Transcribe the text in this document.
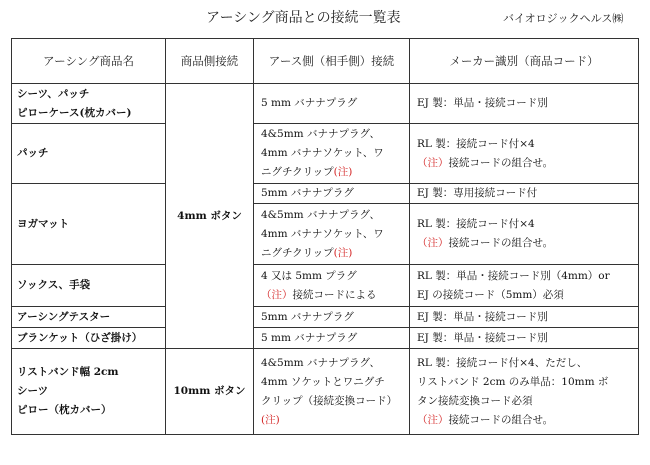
アーシング商品との接続一覧表	バイオロジックヘルス㈱
アーシング商品名	商品側接続	アース側（相手側）接続	メーカー識別（商品コード）

シーツ、パッチ
ピローケース(枕カバー)	4mm ボタン	5 mm バナナプラグ	EJ 製：単品・接続コード別

パッチ		4&5mm バナナプラグ、
4mm バナナソケット、ワ
ニグチクリップ(注)	RL 製：接続コード付×4
（注）接続コードの組合せ。

ヨガマット		5mm バナナプラグ	EJ 製：専用接続コード付

		4&5mm バナナプラグ、
4mm バナナソケット、ワ
ニグチクリップ(注)	RL 製：接続コード付×4
（注）接続コードの組合せ。

ソックス、手袋		4 又は 5mm プラグ
（注）接続コードによる	RL 製：単品・接続コード別（4mm）or
EJ の接続コード（5mm）必須

アーシングテスター		5mm バナナプラグ	EJ 製：単品・接続コード別

ブランケット（ひざ掛け）		5 mm バナナプラグ	EJ 製：単品・接続コード別

リストバンド幅 2cm
シーツ
ピロー（枕カバー）	10mm ボタン	4&5mm バナナプラグ、
4mm ソケットとワニグチ
クリップ（接続変換コード）
(注)	RL 製：接続コード付×4、ただし、
リストバンド 2cm のみ単品：10mm ボ
タン接続変換コード必須
（注）接続コードの組合せ。
